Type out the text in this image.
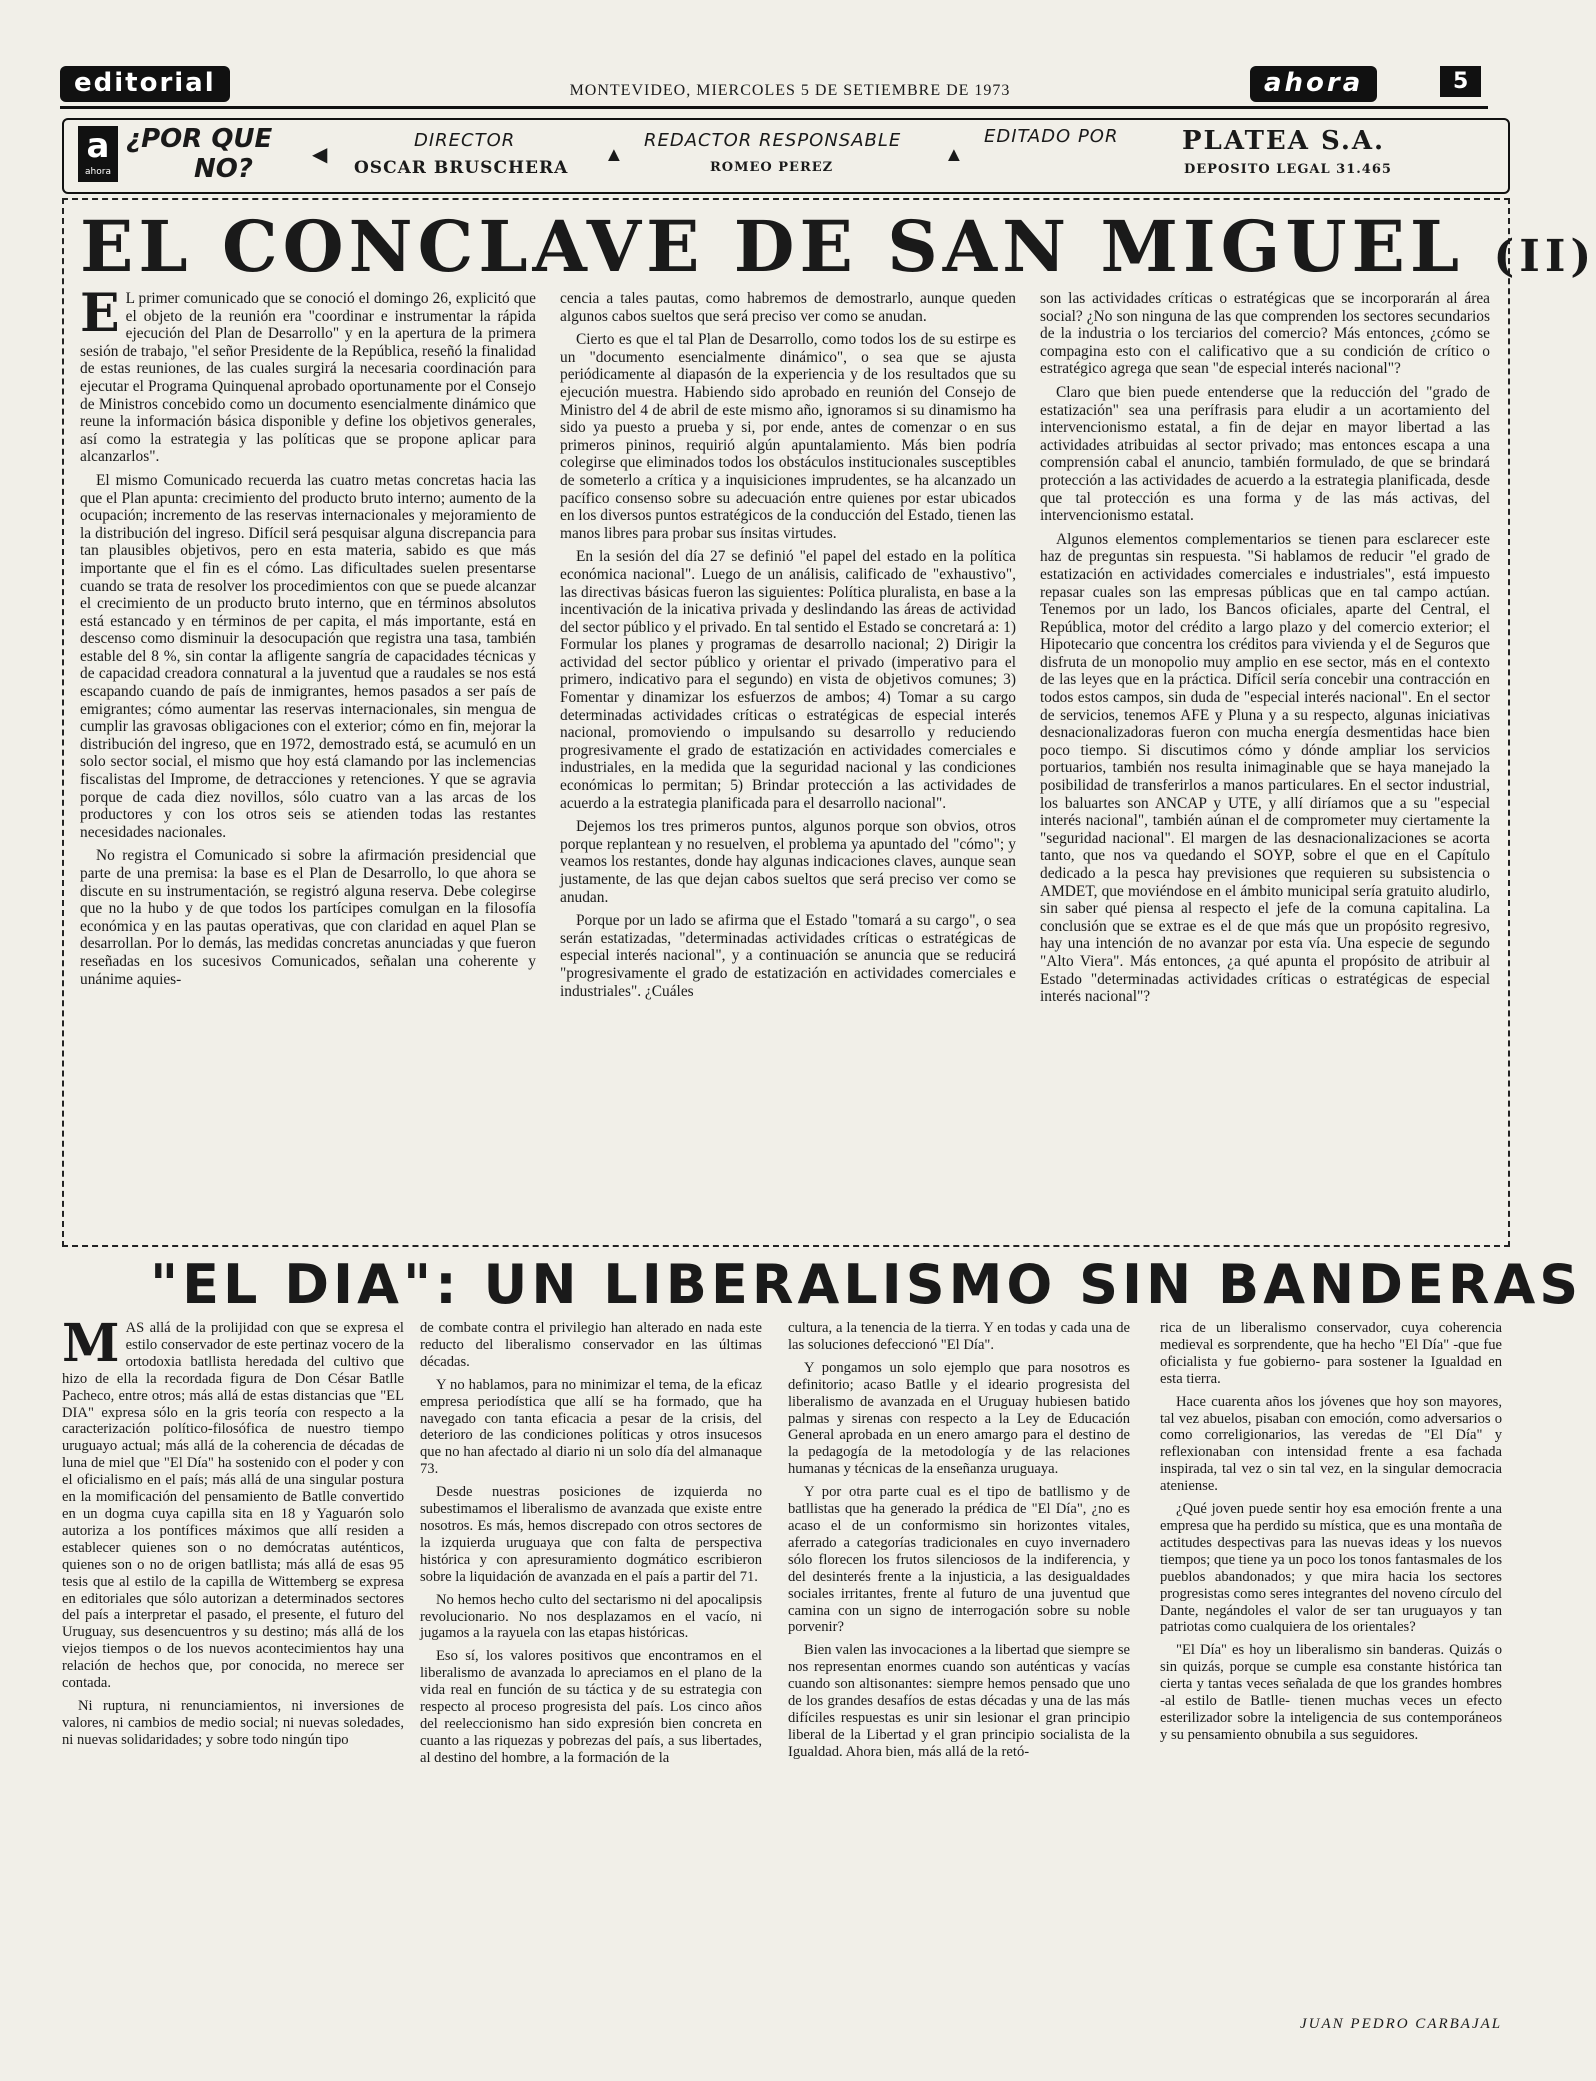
editorial	MONTEVIDEO, MIERCOLES 5 DE SETIEMBRE DE 1973	ahora	5
a
ahora
¿POR QUE
NO?	◀
DIRECTOR
OSCAR BRUSCHERA
▲
REDACTOR RESPONSABLE
ROMEO PEREZ
▲
EDITADO POR PLATEA S.A.
DEPOSITO LEGAL 31.465
EL CONCLAVE DE SAN MIGUEL (II)
E L primer comunicado que se conoció el domingo 26, explicitó que el objeto de la reunión era "coordinar e instrumentar la rápida ejecución del Plan de Desarrollo" y en la apertura de la primera sesión de trabajo, "el señor Presidente de la República, reseñó la finalidad de estas reuniones, de las cuales surgirá la necesaria coordinación para ejecutar el Programa Quinquenal aprobado oportunamente por el Consejo de Ministros concebido como un documento esencialmente dinámico que reune la información básica disponible y define los objetivos generales, así como la estrategia y las políticas que se propone aplicar para alcanzarlos".

El mismo Comunicado recuerda las cuatro metas concretas hacia las que el Plan apunta: crecimiento del producto bruto interno; aumento de la ocupación; incremento de las reservas internacionales y mejoramiento de la distribución del ingreso. Difícil será pesquisar alguna discrepancia para tan plausibles objetivos, pero en esta materia, sabido es que más importante que el fin es el cómo. Las dificultades suelen presentarse cuando se trata de resolver los procedimientos con que se puede alcanzar el crecimiento de un producto bruto interno, que en términos absolutos está estancado y en términos de per capita, el más importante, está en descenso como disminuir la desocupación que registra una tasa, también estable del 8 %, sin contar la afligente sangría de capacidades técnicas y de capacidad creadora connatural a la juventud que a raudales se nos está escapando cuando de país de inmigrantes, hemos pasados a ser país de emigrantes; cómo aumentar las reservas internacionales, sin mengua de cumplir las gravosas obligaciones con el exterior; cómo en fin, mejorar la distribución del ingreso, que en 1972, demostrado está, se acumuló en un solo sector social, el mismo que hoy está clamando por las inclemencias fiscalistas del Improme, de detracciones y retenciones. Y que se agravia porque de cada diez novillos, sólo cuatro van a las arcas de los productores y con los otros seis se atienden todas las restantes necesidades nacionales.

No registra el Comunicado si sobre la afirmación presidencial que parte de una premisa: la base es el Plan de Desarrollo, lo que ahora se discute en su instrumentación, se registró alguna reserva. Debe colegirse que no la hubo y de que todos los partícipes comulgan en la filosofía económica y en las pautas operativas, que con claridad en aquel Plan se desarrollan. Por lo demás, las medidas concretas anunciadas y que fueron reseñadas en los sucesivos Comunicados, señalan una coherente y unánime aquies-

cencia a tales pautas, como habremos de demostrarlo, aunque queden algunos cabos sueltos que será preciso ver como se anudan.

Cierto es que el tal Plan de Desarrollo, como todos los de su estirpe es un "documento esencialmente dinámico", o sea que se ajusta periódicamente al diapasón de la experiencia y de los resultados que su ejecución muestra. Habiendo sido aprobado en reunión del Consejo de Ministro del 4 de abril de este mismo año, ignoramos si su dinamismo ha sido ya puesto a prueba y si, por ende, antes de comenzar o en sus primeros pininos, requirió algún apuntalamiento. Más bien podría colegirse que eliminados todos los obstáculos institucionales susceptibles de someterlo a crítica y a inquisiciones imprudentes, se ha alcanzado un pacífico consenso sobre su adecuación entre quienes por estar ubicados en los diversos puntos estratégicos de la conducción del Estado, tienen las manos libres para probar sus ínsitas virtudes.

En la sesión del día 27 se definió "el papel del estado en la política económica nacional". Luego de un análisis, calificado de "exhaustivo", las directivas básicas fueron las siguientes: Política pluralista, en base a la incentivación de la inicativa privada y deslindando las áreas de actividad del sector público y el privado. En tal sentido el Estado se concretará a: 1) Formular los planes y programas de desarrollo nacional; 2) Dirigir la actividad del sector público y orientar el privado (imperativo para el primero, indicativo para el segundo) en vista de objetivos comunes; 3) Fomentar y dinamizar los esfuerzos de ambos; 4) Tomar a su cargo determinadas actividades críticas o estratégicas de especial interés nacional, promoviendo o impulsando su desarrollo y reduciendo progresivamente el grado de estatización en actividades comerciales e industriales, en la medida que la seguridad nacional y las condiciones económicas lo permitan; 5) Brindar protección a las actividades de acuerdo a la estrategia planificada para el desarrollo nacional".

Dejemos los tres primeros puntos, algunos porque son obvios, otros porque replantean y no resuelven, el problema ya apuntado del "cómo"; y veamos los restantes, donde hay algunas indicaciones claves, aunque sean justamente, de las que dejan cabos sueltos que será preciso ver como se anudan.

Porque por un lado se afirma que el Estado "tomará a su cargo", o sea serán estatizadas, "determinadas actividades críticas o estratégicas de especial interés nacional", y a continuación se anuncia que se reducirá "progresivamente el grado de estatización en actividades comerciales e industriales". ¿Cuáles

son las actividades críticas o estratégicas que se incorporarán al área social? ¿No son ninguna de las que comprenden los sectores secundarios de la industria o los terciarios del comercio? Más entonces, ¿cómo se compagina esto con el calificativo que a su condición de crítico o estratégico agrega que sean "de especial interés nacional"?

Claro que bien puede entenderse que la reducción del "grado de estatización" sea una perífrasis para eludir a un acortamiento del intervencionismo estatal, a fin de dejar en mayor libertad a las actividades atribuidas al sector privado; mas entonces escapa a una comprensión cabal el anuncio, también formulado, de que se brindará protección a las actividades de acuerdo a la estrategia planificada, desde que tal protección es una forma y de las más activas, del intervencionismo estatal.

Algunos elementos complementarios se tienen para esclarecer este haz de preguntas sin respuesta. "Si hablamos de reducir "el grado de estatización en actividades comerciales e industriales", está impuesto repasar cuales son las empresas públicas que en tal campo actúan. Tenemos por un lado, los Bancos oficiales, aparte del Central, el República, motor del crédito a largo plazo y del comercio exterior; el Hipotecario que concentra los créditos para vivienda y el de Seguros que disfruta de un monopolio muy amplio en ese sector, más en el contexto de las leyes que en la práctica. Difícil sería concebir una contracción en todos estos campos, sin duda de "especial interés nacional". En el sector de servicios, tenemos AFE y Pluna y a su respecto, algunas iniciativas desnacionalizadoras fueron con mucha energía desmentidas hace bien poco tiempo. Si discutimos cómo y dónde ampliar los servicios portuarios, también nos resulta inimaginable que se haya manejado la posibilidad de transferirlos a manos particulares. En el sector industrial, los baluartes son ANCAP y UTE, y allí diríamos que a su "especial interés nacional", también aúnan el de comprometer muy ciertamente la "seguridad nacional". El margen de las desnacionalizaciones se acorta tanto, que nos va quedando el SOYP, sobre el que en el Capítulo dedicado a la pesca hay previsiones que requieren su subsistencia o AMDET, que moviéndose en el ámbito municipal sería gratuito aludirlo, sin saber qué piensa al respecto el jefe de la comuna capitalina. La conclusión que se extrae es el de que más que un propósito regresivo, hay una intención de no avanzar por esta vía. Una especie de segundo "Alto Viera". Más entonces, ¿a qué apunta el propósito de atribuir al Estado "determinadas actividades críticas o estratégicas de especial interés nacional"?

"EL DIA": UN LIBERALISMO SIN BANDERAS
M AS allá de la prolijidad con que se expresa el estilo conservador de este pertinaz vocero de la ortodoxia batllista heredada del cultivo que hizo de ella la recordada figura de Don César Batlle Pacheco, entre otros; más allá de estas distancias que "EL DIA" expresa sólo en la gris teoría con respecto a la caracterización político-filosófica de nuestro tiempo uruguayo actual; más allá de la coherencia de décadas de luna de miel que "El Día" ha sostenido con el poder y con el oficialismo en el país; más allá de una singular postura en la momificación del pensamiento de Batlle convertido en un dogma cuya capilla sita en 18 y Yaguarón solo autoriza a los pontífices máximos que allí residen a establecer quienes son o no demócratas auténticos, quienes son o no de origen batllista; más allá de esas 95 tesis que al estilo de la capilla de Wittemberg se expresa en editoriales que sólo autorizan a determinados sectores del país a interpretar el pasado, el presente, el futuro del Uruguay, sus desencuentros y su destino; más allá de los viejos tiempos o de los nuevos acontecimientos hay una relación de hechos que, por conocida, no merece ser contada.

Ni ruptura, ni renunciamientos, ni inversiones de valores, ni cambios de medio social; ni nuevas soledades, ni nuevas solidaridades; y sobre todo ningún tipo

de combate contra el privilegio han alterado en nada este reducto del liberalismo conservador en las últimas décadas.

Y no hablamos, para no minimizar el tema, de la eficaz empresa periodística que allí se ha formado, que ha navegado con tanta eficacia a pesar de la crisis, del deterioro de las condiciones políticas y otros insucesos que no han afectado al diario ni un solo día del almanaque 73.

Desde nuestras posiciones de izquierda no subestimamos el liberalismo de avanzada que existe entre nosotros. Es más, hemos discrepado con otros sectores de la izquierda uruguaya que con falta de perspectiva histórica y con apresuramiento dogmático escribieron sobre la liquidación de avanzada en el país a partir del 71.

No hemos hecho culto del sectarismo ni del apocalipsis revolucionario. No nos desplazamos en el vacío, ni jugamos a la rayuela con las etapas históricas.

Eso sí, los valores positivos que encontramos en el liberalismo de avanzada lo apreciamos en el plano de la vida real en función de su táctica y de su estrategia con respecto al proceso progresista del país. Los cinco años del reeleccionismo han sido expresión bien concreta en cuanto a las riquezas y pobrezas del país, a sus libertades, al destino del hombre, a la formación de la

cultura, a la tenencia de la tierra. Y en todas y cada una de las soluciones defeccionó "El Día".

Y pongamos un solo ejemplo que para nosotros es definitorio; acaso Batlle y el ideario progresista del liberalismo de avanzada en el Uruguay hubiesen batido palmas y sirenas con respecto a la Ley de Educación General aprobada en un enero amargo para el destino de la pedagogía de la metodología y de las relaciones humanas y técnicas de la enseñanza uruguaya.

Y por otra parte cual es el tipo de batllismo y de batllistas que ha generado la prédica de "El Día", ¿no es acaso el de un conformismo sin horizontes vitales, aferrado a categorías tradicionales en cuyo invernadero sólo florecen los frutos silenciosos de la indiferencia, y del desinterés frente a la injusticia, a las desigualdades sociales irritantes, frente al futuro de una juventud que camina con un signo de interrogación sobre su noble porvenir?

Bien valen las invocaciones a la libertad que siempre se nos representan enormes cuando son auténticas y vacías cuando son altisonantes: siempre hemos pensado que uno de los grandes desafíos de estas décadas y una de las más difíciles respuestas es unir sin lesionar el gran principio liberal de la Libertad y el gran principio socialista de la Igualdad. Ahora bien, más allá de la retó-

rica de un liberalismo conservador, cuya coherencia medieval es sorprendente, que ha hecho "El Día" -que fue oficialista y fue gobierno- para sostener la Igualdad en esta tierra.

Hace cuarenta años los jóvenes que hoy son mayores, tal vez abuelos, pisaban con emoción, como adversarios o como correligionarios, las veredas de "El Día" y reflexionaban con intensidad frente a esa fachada inspirada, tal vez o sin tal vez, en la singular democracia ateniense.

¿Qué joven puede sentir hoy esa emoción frente a una empresa que ha perdido su mística, que es una montaña de actitudes despectivas para las nuevas ideas y los nuevos tiempos; que tiene ya un poco los tonos fantasmales de los pueblos abandonados; y que mira hacia los sectores progresistas como seres integrantes del noveno círculo del Dante, negándoles el valor de ser tan uruguayos y tan patriotas como cualquiera de los orientales?

"El Día" es hoy un liberalismo sin banderas. Quizás o sin quizás, porque se cumple esa constante histórica tan cierta y tantas veces señalada de que los grandes hombres -al estilo de Batlle- tienen muchas veces un efecto esterilizador sobre la inteligencia de sus contemporáneos y su pensamiento obnubila a sus seguidores.

JUAN PEDRO CARBAJAL
